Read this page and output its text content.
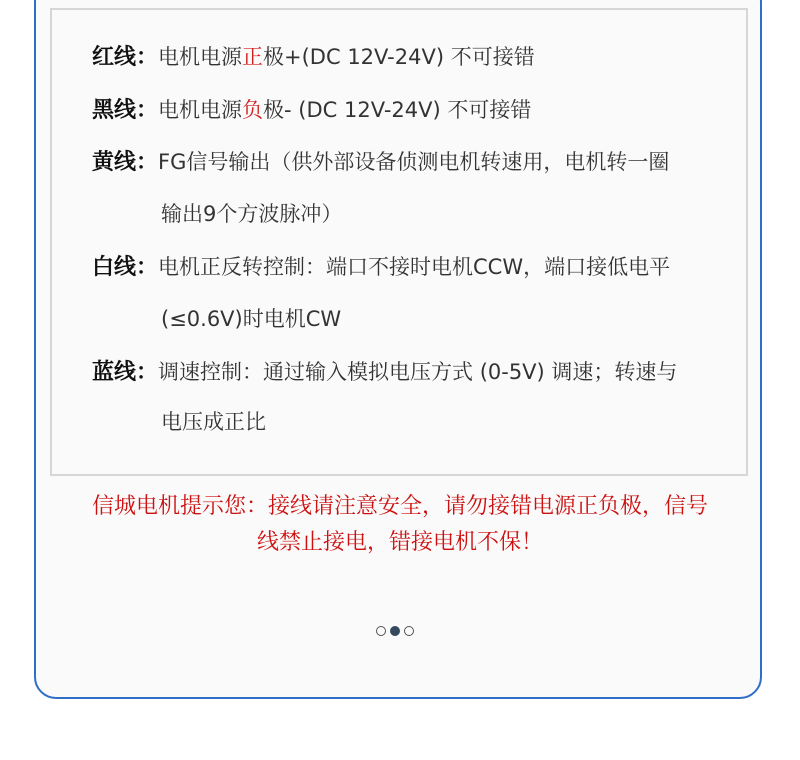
红线：电机电源正极+(DC 12V-24V) 不可接错
黑线：电机电源负极- (DC 12V-24V) 不可接错
黄线：FG信号输出（供外部设备侦测电机转速用，电机转一圈
输出9个方波脉冲）
白线：电机正反转控制：端口不接时电机CCW，端口接低电平
(≤0.6V)时电机CW
蓝线：调速控制：通过输入模拟电压方式 (0-5V) 调速；转速与
电压成正比
信城电机提示您：接线请注意安全，请勿接错电源正负极，信号
线禁止接电，错接电机不保！
